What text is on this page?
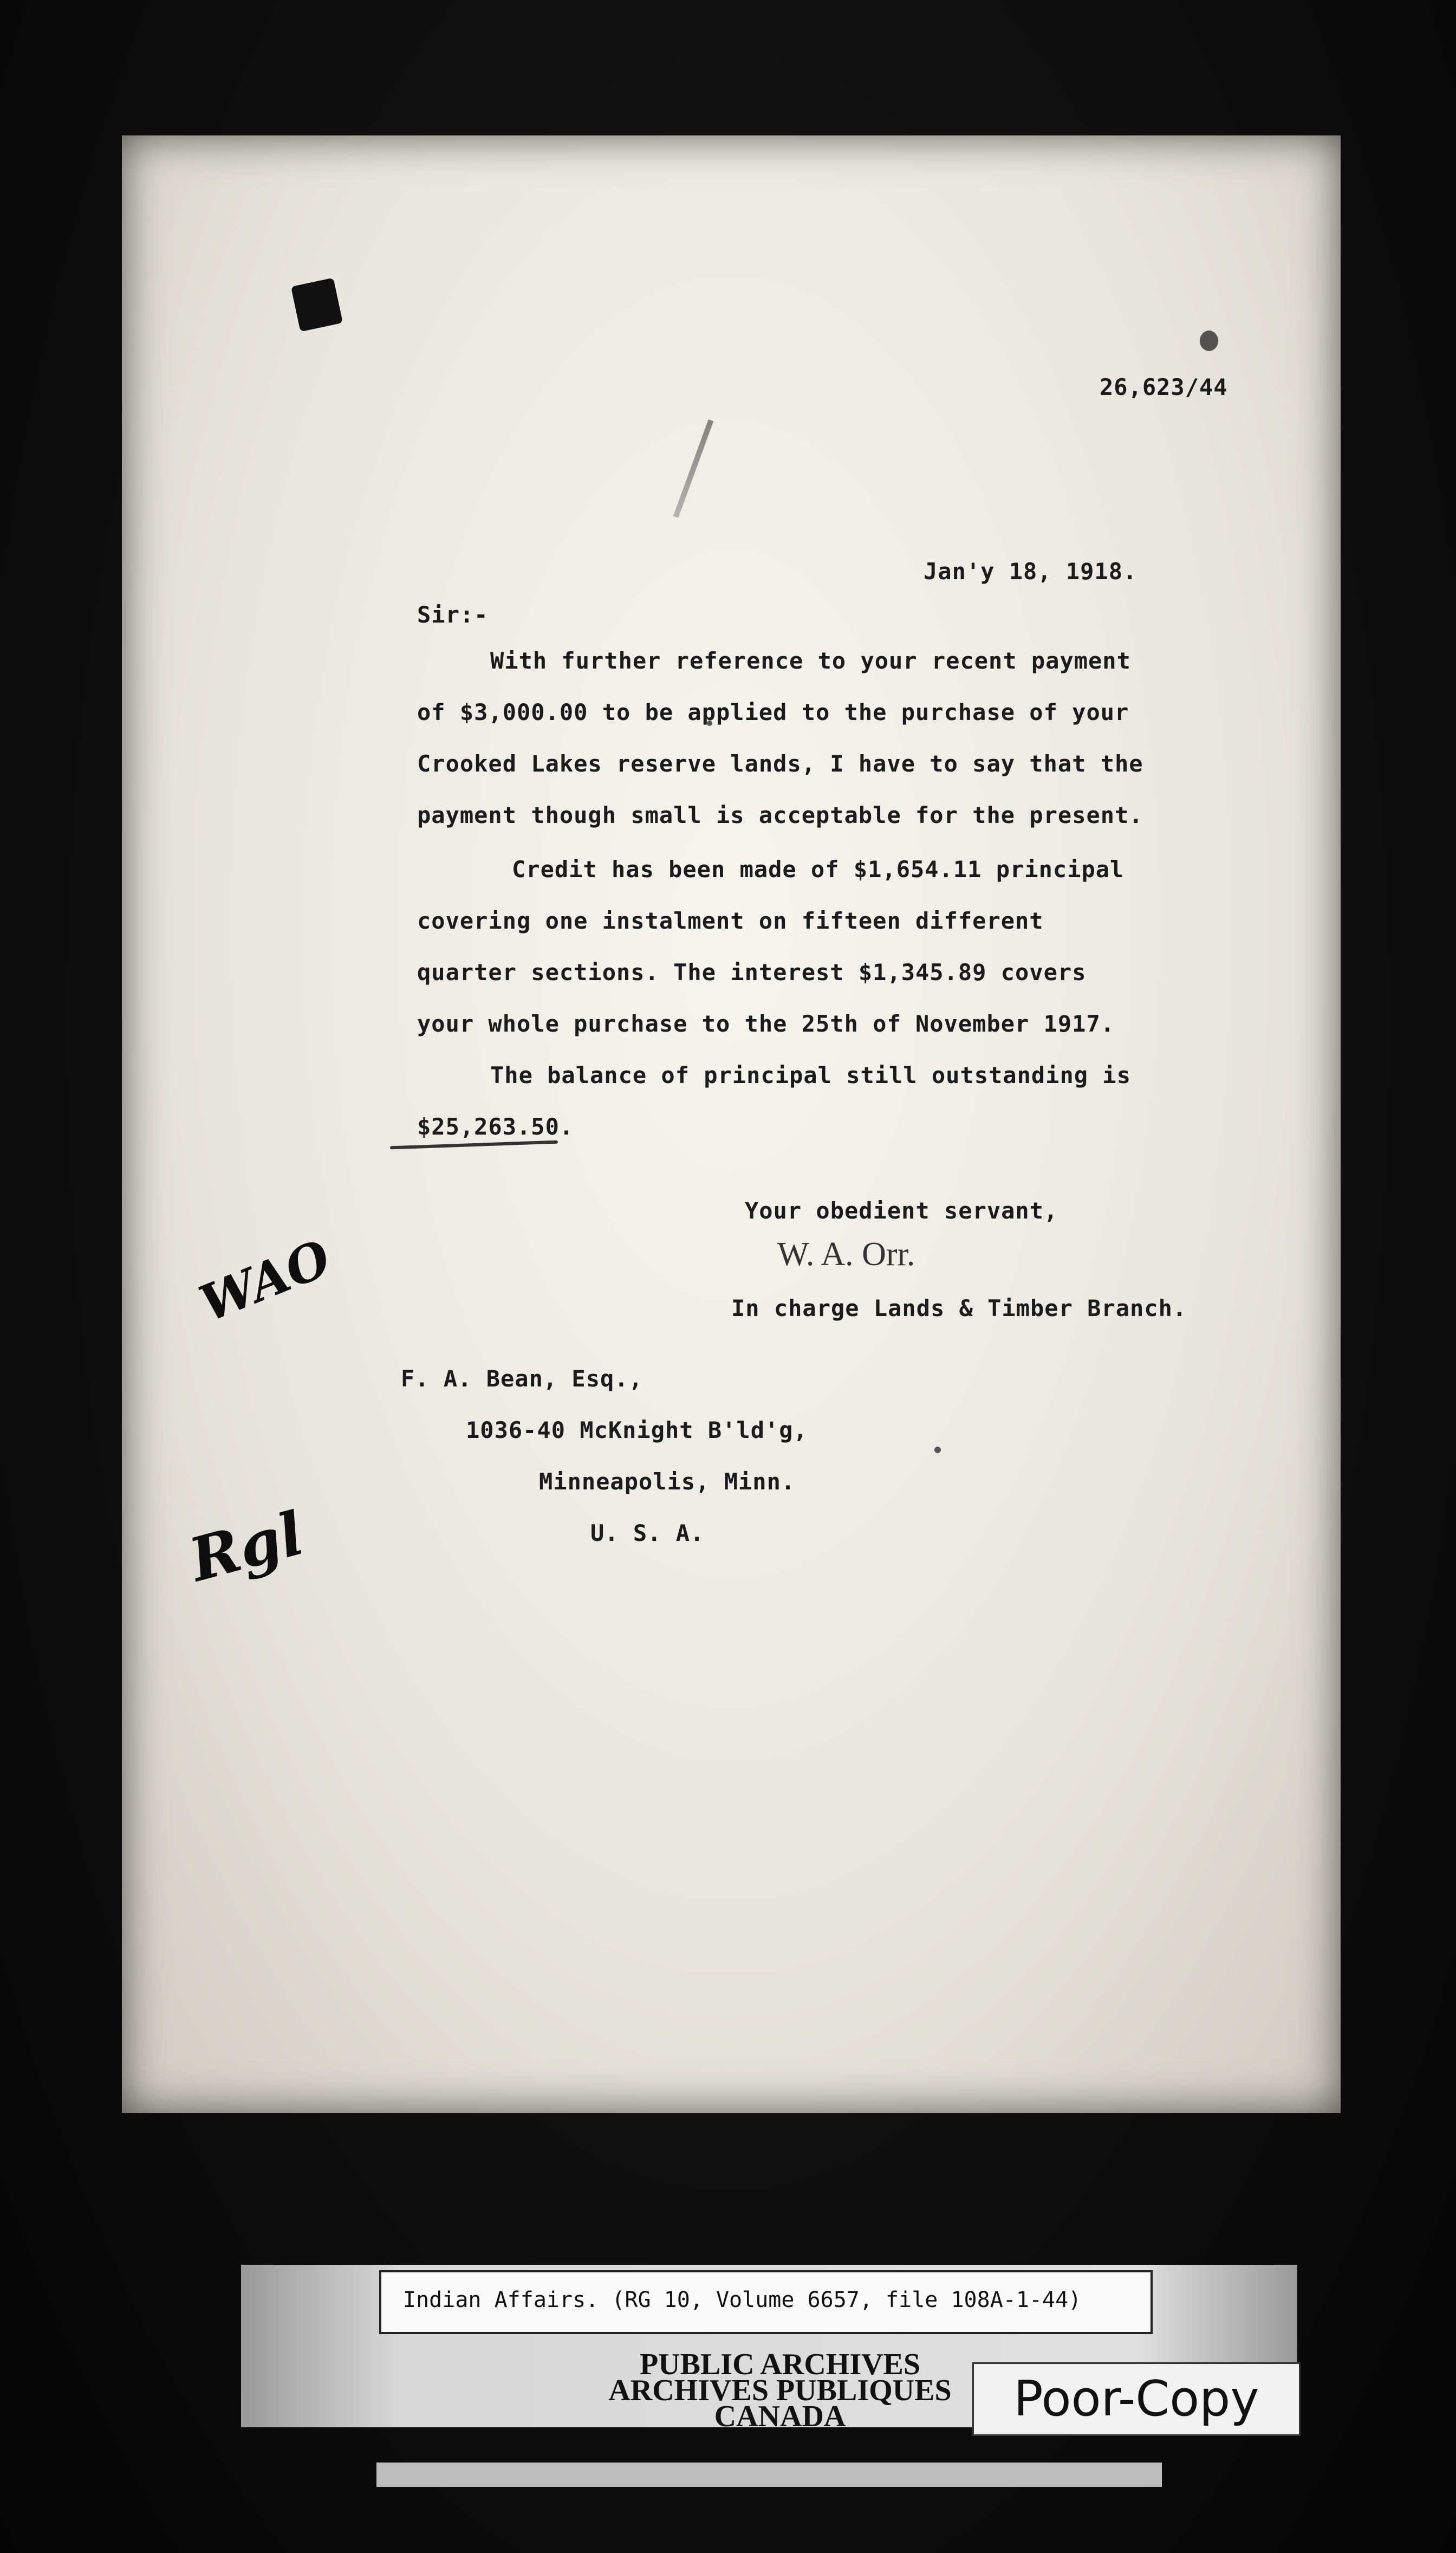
26,623/44
Jan'y 18, 1918.
Sir:-
With further reference to your recent payment
of $3,000.00 to be applied to the purchase of your
Crooked Lakes reserve lands, I have to say that the
payment though small is acceptable for the present.
Credit has been made of $1,654.11 principal
covering one instalment on fifteen different
quarter sections. The interest $1,345.89 covers
your whole purchase to the 25th of November 1917.
The balance of principal still outstanding is
$25,263.50.
Your obedient servant,
W. A. Orr.
In charge Lands & Timber Branch.
F. A. Bean, Esq.,
1036-40 McKnight B'ld'g,
Minneapolis, Minn.
U. S. A.
WAO
Rgl
Indian Affairs. (RG 10, Volume 6657, file 108A-1-44)
PUBLIC ARCHIVES
ARCHIVES PUBLIQUES
CANADA	Poor-Copy
